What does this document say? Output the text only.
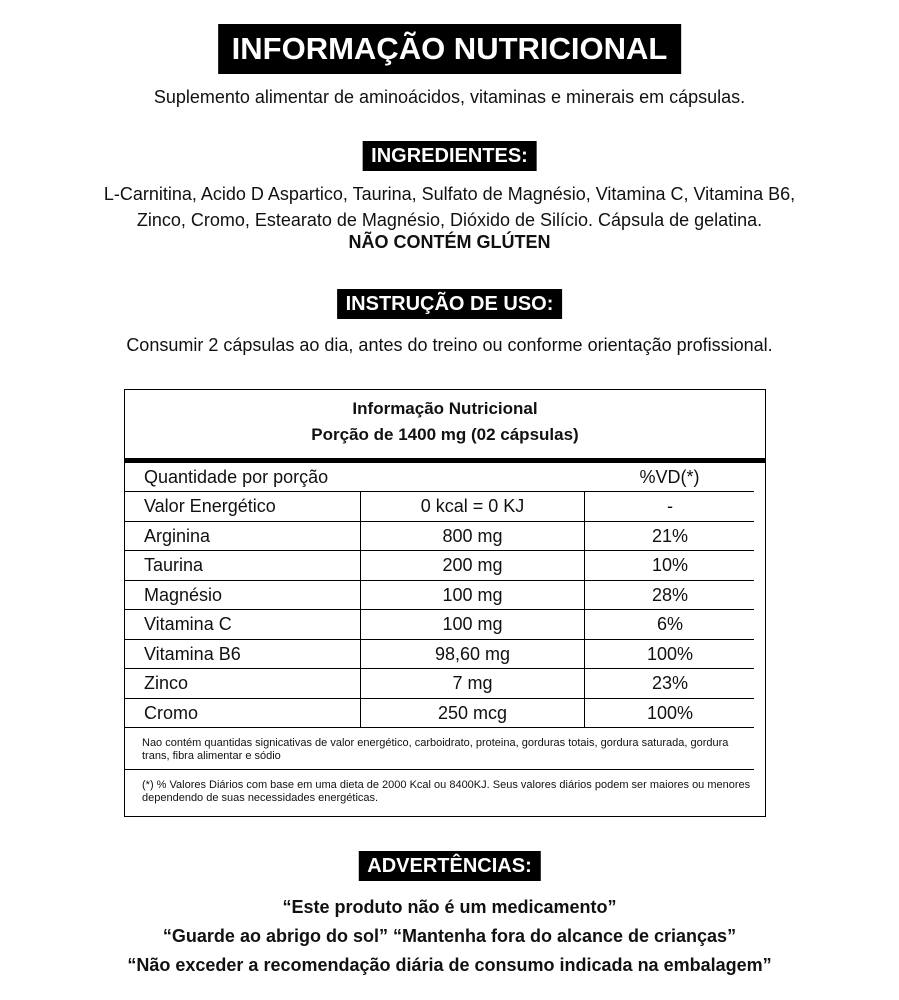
INFORMAÇÃO NUTRICIONAL
Suplemento alimentar de aminoácidos, vitaminas e minerais em cápsulas.
INGREDIENTES:
L-Carnitina, Acido D Aspartico, Taurina, Sulfato de Magnésio, Vitamina C, Vitamina B6,
Zinco, Cromo, Estearato de Magnésio, Dióxido de Silício. Cápsula de gelatina.
NÃO CONTÉM GLÚTEN
INSTRUÇÃO DE USO:
Consumir 2 cápsulas ao dia, antes do treino ou conforme orientação profissional.
Informação Nutricional
Porção de 1400 mg (02 cápsulas)
Quantidade por porção	%VD(*)
Valor Energético	0 kcal = 0 KJ	-
Arginina	800 mg	21%
Taurina	200 mg	10%
Magnésio	100 mg	28%
Vitamina C	100 mg	6%
Vitamina B6	98,60 mg	100%
Zinco	7 mg	23%
Cromo	250 mcg	100%
Nao contém quantidas signicativas de valor energético, carboidrato, proteina, gorduras totais, gordura saturada, gordura trans, fibra alimentar e sódio
(*) % Valores Diários com base em uma dieta de 2000 Kcal ou 8400KJ. Seus valores diários podem ser maiores ou menores dependendo de suas necessidades energéticas.
ADVERTÊNCIAS:
“Este produto não é um medicamento”
“Guarde ao abrigo do sol” “Mantenha fora do alcance de crianças”
“Não exceder a recomendação diária de consumo indicada na embalagem”
